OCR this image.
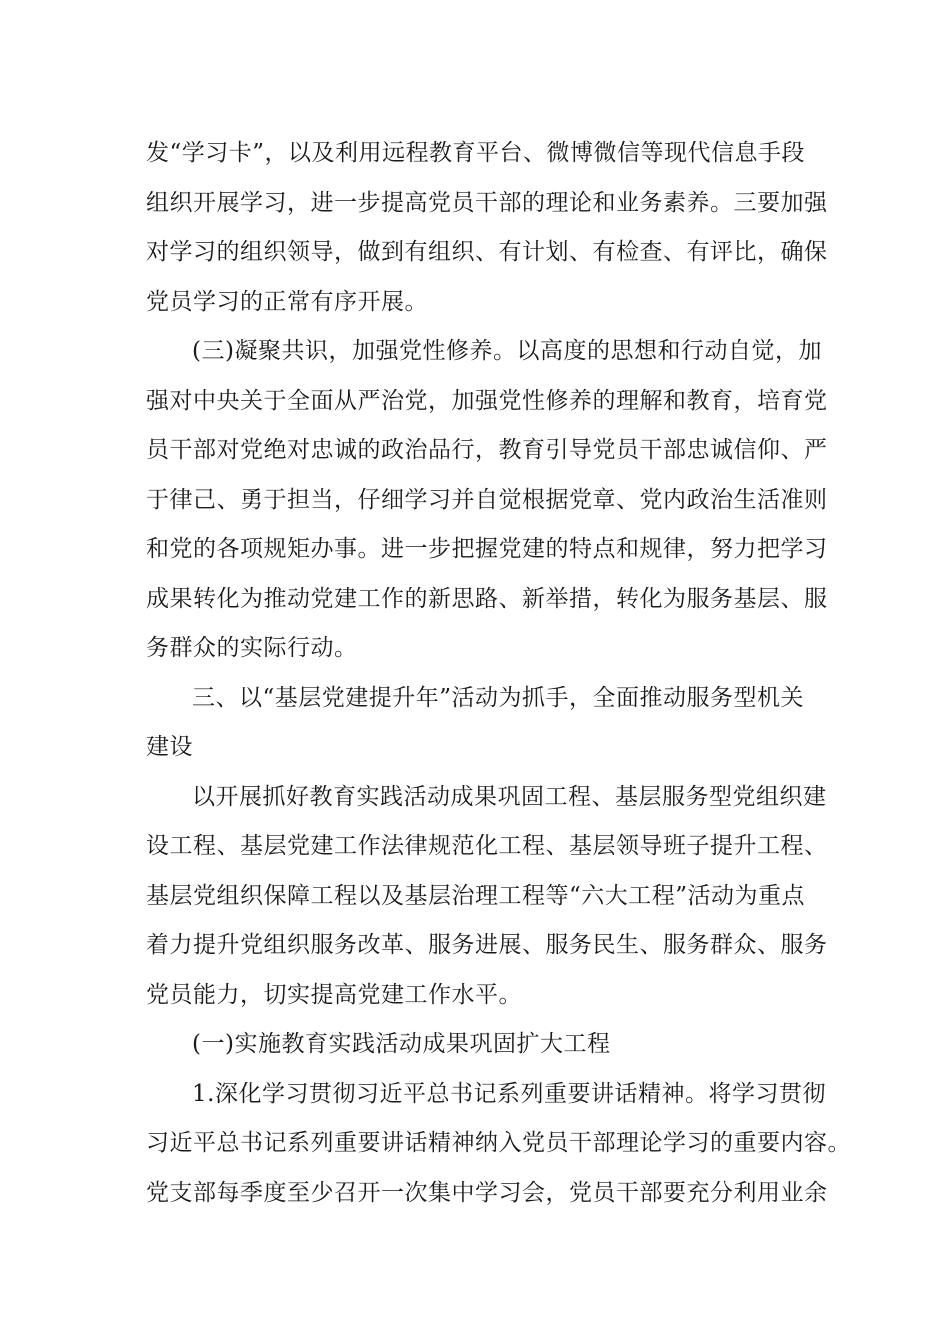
发“学习卡”，以及利用远程教育平台、微博微信等现代信息手段
组织开展学习，进一步提高党员干部的理论和业务素养。三要加强
对学习的组织领导，做到有组织、有计划、有检查、有评比，确保
党员学习的正常有序开展。
(三)凝聚共识，加强党性修养。以高度的思想和行动自觉，加
强对中央关于全面从严治党，加强党性修养的理解和教育，培育党
员干部对党绝对忠诚的政治品行，教育引导党员干部忠诚信仰、严
于律己、勇于担当，仔细学习并自觉根据党章、党内政治生活准则
和党的各项规矩办事。进一步把握党建的特点和规律，努力把学习
成果转化为推动党建工作的新思路、新举措，转化为服务基层、服
务群众的实际行动。
三、以“基层党建提升年”活动为抓手，全面推动服务型机关
建设
以开展抓好教育实践活动成果巩固工程、基层服务型党组织建
设工程、基层党建工作法律规范化工程、基层领导班子提升工程、
基层党组织保障工程以及基层治理工程等“六大工程”活动为重点
着力提升党组织服务改革、服务进展、服务民生、服务群众、服务
党员能力，切实提高党建工作水平。
(一)实施教育实践活动成果巩固扩大工程
1.深化学习贯彻习近平总书记系列重要讲话精神。将学习贯彻
习近平总书记系列重要讲话精神纳入党员干部理论学习的重要内容。
党支部每季度至少召开一次集中学习会，党员干部要充分利用业余
